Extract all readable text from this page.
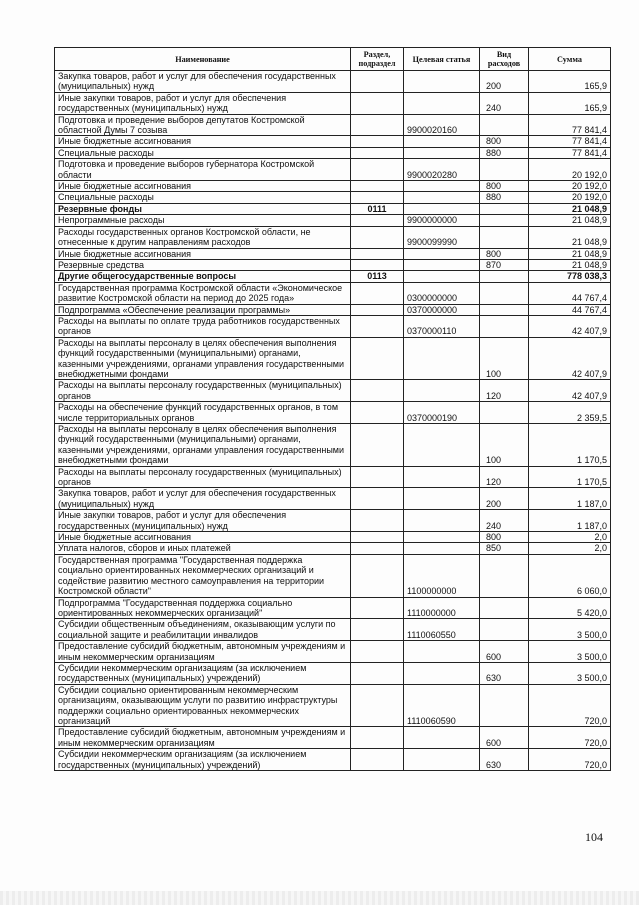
Наименование	Раздел, подраздел	Целевая статья	Вид расходов	Сумма
Закупка товаров, работ и услуг для обеспечения государственных (муниципальных) нужд			200	165,9
Иные закупки товаров, работ и услуг для обеспечения государственных (муниципальных) нужд			240	165,9
Подготовка и проведение выборов депутатов Костромской областной Думы 7 созыва		9900020160		77 841,4
Иные бюджетные ассигнования			800	77 841,4
Специальные расходы			880	77 841,4
Подготовка и проведение выборов губернатора Костромской области		9900020280		20 192,0
Иные бюджетные ассигнования			800	20 192,0
Специальные расходы			880	20 192,0
Резервные фонды	0111			21 048,9
Непрограммные расходы		9900000000		21 048,9
Расходы государственных органов Костромской области, не отнесенные к другим направлениям расходов		9900099990		21 048,9
Иные бюджетные ассигнования			800	21 048,9
Резервные средства			870	21 048,9
Другие общегосударственные вопросы	0113			778 038,3
Государственная программа Костромской области «Экономическое развитие Костромской области на период до 2025 года»		0300000000		44 767,4
Подпрограмма «Обеспечение реализации программы»		0370000000		44 767,4
Расходы на выплаты по оплате труда работников государственных органов		0370000110		42 407,9
Расходы на выплаты персоналу в целях обеспечения выполнения функций государственными (муниципальными) органами, казенными учреждениями, органами управления государственными внебюджетными фондами			100	42 407,9
Расходы на выплаты персоналу государственных (муниципальных) органов			120	42 407,9
Расходы на обеспечение функций государственных органов, в том числе территориальных органов		0370000190		2 359,5
Расходы на выплаты персоналу в целях обеспечения выполнения функций государственными (муниципальными) органами, казенными учреждениями, органами управления государственными внебюджетными фондами			100	1 170,5
Расходы на выплаты персоналу государственных (муниципальных) органов			120	1 170,5
Закупка товаров, работ и услуг для обеспечения государственных (муниципальных) нужд			200	1 187,0
Иные закупки товаров, работ и услуг для обеспечения государственных (муниципальных) нужд			240	1 187,0
Иные бюджетные ассигнования			800	2,0
Уплата налогов, сборов и иных платежей			850	2,0
Государственная программа "Государственная поддержка социально ориентированных некоммерческих организаций и содействие развитию местного самоуправления на территории Костромской области"		1100000000		6 060,0
Подпрограмма "Государственная поддержка социально ориентированных некоммерческих организаций"		1110000000		5 420,0
Субсидии общественным объединениям, оказывающим услуги по социальной защите и реабилитации инвалидов		1110060550		3 500,0
Предоставление субсидий бюджетным, автономным учреждениям и иным некоммерческим организациям			600	3 500,0
Субсидии некоммерческим организациям (за исключением государственных (муниципальных) учреждений)			630	3 500,0
Субсидии социально ориентированным некоммерческим организациям, оказывающим услуги по развитию инфраструктуры поддержки социально ориентированных некоммерческих организаций		1110060590		720,0
Предоставление субсидий бюджетным, автономным учреждениям и иным некоммерческим организациям			600	720,0
Субсидии некоммерческим организациям (за исключением государственных (муниципальных) учреждений)			630	720,0
104
